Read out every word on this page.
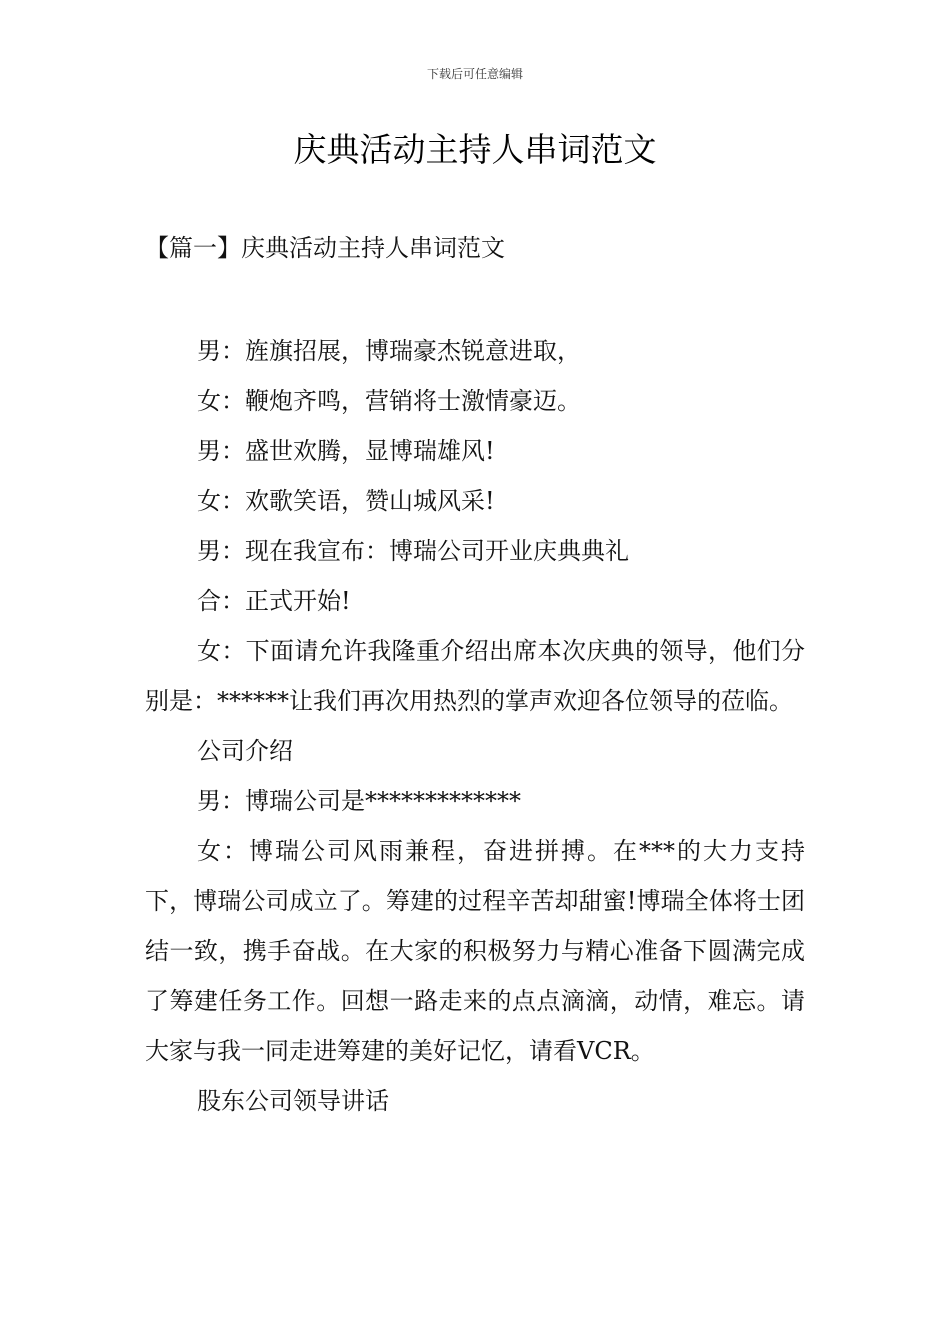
下载后可任意编辑
庆典活动主持人串词范文
【篇一】庆典活动主持人串词范文

男：旌旗招展，博瑞豪杰锐意进取，

女：鞭炮齐鸣，营销将士激情豪迈。

男：盛世欢腾，显博瑞雄风!

女：欢歌笑语，赞山城风采!

男：现在我宣布：博瑞公司开业庆典典礼

合：正式开始!

女：下面请允许我隆重介绍出席本次庆典的领导，他们分别是：******让我们再次用热烈的掌声欢迎各位领导的莅临。

公司介绍

男：博瑞公司是*************

女：博瑞公司风雨兼程，奋进拼搏。在***的大力支持下，博瑞公司成立了。筹建的过程辛苦却甜蜜!博瑞全体将士团结一致，携手奋战。在大家的积极努力与精心准备下圆满完成了筹建任务工作。回想一路走来的点点滴滴，动情，难忘。请大家与我一同走进筹建的美好记忆，请看VCR。

股东公司领导讲话
